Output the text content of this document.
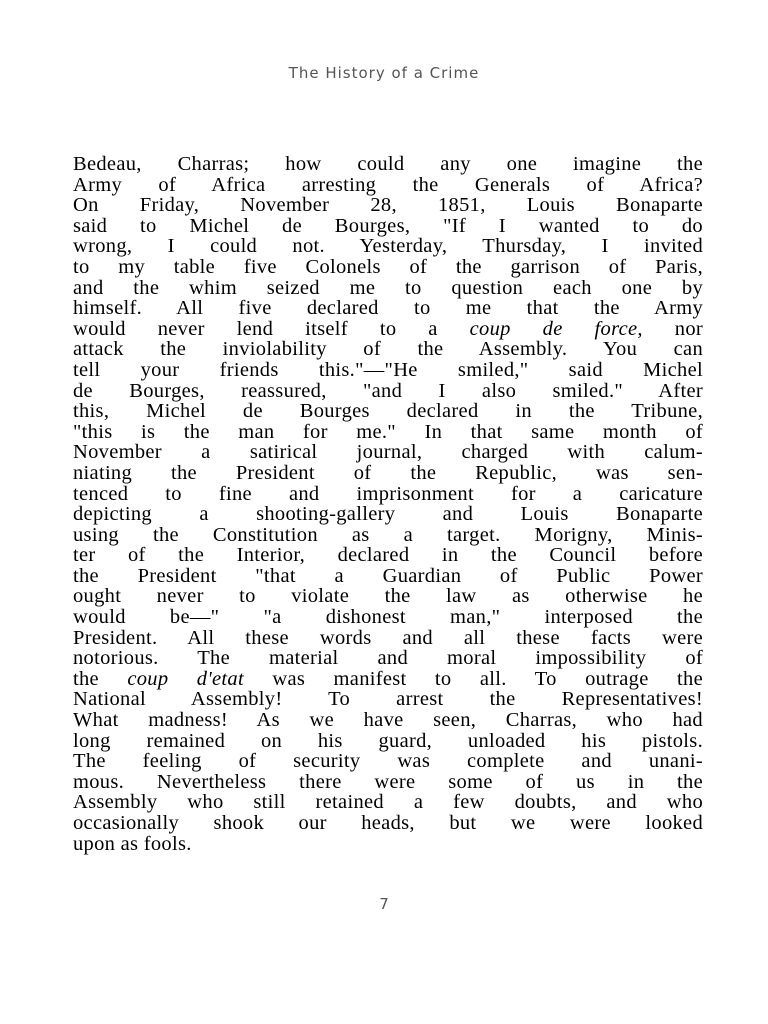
The History of a Crime
Bedeau, Charras; how could any one imagine the
Army of Africa arresting the Generals of Africa?
On Friday, November 28, 1851, Louis Bonaparte
said to Michel de Bourges, "If I wanted to do
wrong, I could not. Yesterday, Thursday, I invited
to my table five Colonels of the garrison of Paris,
and the whim seized me to question each one by
himself. All five declared to me that the Army
would never lend itself to a coup de force, nor
attack the inviolability of the Assembly. You can
tell your friends this."—"He smiled," said Michel
de Bourges, reassured, "and I also smiled." After
this, Michel de Bourges declared in the Tribune,
"this is the man for me." In that same month of
November a satirical journal, charged with calum-
niating the President of the Republic, was sen-
tenced to fine and imprisonment for a caricature
depicting a shooting-gallery and Louis Bonaparte
using the Constitution as a target. Morigny, Minis-
ter of the Interior, declared in the Council before
the President "that a Guardian of Public Power
ought never to violate the law as otherwise he
would be—" "a dishonest man," interposed the
President. All these words and all these facts were
notorious. The material and moral impossibility of
the coup d'etat was manifest to all. To outrage the
National Assembly! To arrest the Representatives!
What madness! As we have seen, Charras, who had
long remained on his guard, unloaded his pistols.
The feeling of security was complete and unani-
mous. Nevertheless there were some of us in the
Assembly who still retained a few doubts, and who
occasionally shook our heads, but we were looked
upon as fools.
7
